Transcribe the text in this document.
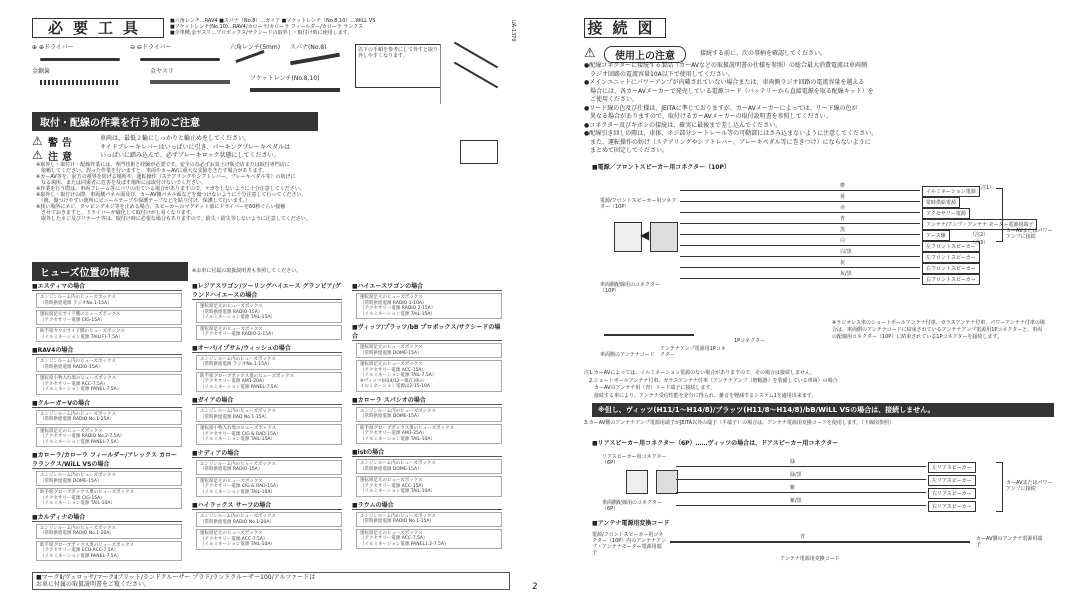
必要工具	■六角レンチ…RAV4 ■スパナ（No.8）…ガイア ■ソケットレンチ（No.8,10）…WiLL VS
■ソケットレンチ(No.10)…RAV4/カローラ/カローラ フィールダー/カローラ ランクス
■全車種,金ヤスリ…プロボックス/サクシードの取外し・取付け時に使用します。	UA-1370
⊕ ⊕ドライバー	⊖ ⊖ドライバー	六角レンチ(5mm) スパナ(No.8)
金鋸歯	金ヤスリ
ソケットレンチ(No.8,10)
以下の手順を参考にして外すと取り外しやすくなります。
取付・配線の作業を行う前のご注意
⚠ 警告
⚠ 注意
車両は、最低２輪にしっかりと輪止めをしてください。
サイドブレーキレバーはいっぱいに引き、パーキングブレーキペダルは
いっぱいに踏み込んで、必ずブレーキロック状態にしてください。
※取外し・取付け・配線作業には、専門技術と経験が必要です。安全の為必ずお買上げ販売店または取付専門店に
　依頼してください。誤った作業を行いますと、車両やカーAVに重大な支障をきたす場合があります。
※カーAV等を、前方の視界を妨げる場所や、運転操作（ステアリングやシフトレバー、ブレーキペダル等）の妨げに
　なる場所、または同乗者に危害を及ぼす場所には取付けないでください。
※作業を行う際は、車両フレーム等にバリの出ている場合がありますので、ケガをしないように十分注意してください。
※取外し・取付けの際、車両側パネル面及び、カーAV側パネル面などを傷つけないように十分注意して行ってください。
　（例、傷つけやすい箇所にビニールテープや保護テープなどを貼り付け、保護して行います。）
※狭い場所にネジ、タッピングネジ等を止める場合、スピーカーのマグネット部にドライバーを60秒ぐらい接触
　させておきますと、ドライバーが磁化して取付けがし易くなります。
　取外したネジ及びリテーナ等は、取付け時に必要な場合もありますので、紛失・紛失等しないように注意してください。
ヒューズ位置の情報	※お車に付属の取扱説明書も参照してください。
■エスティマの場合
エンジンルーム内のヒューズボックス
（常時供給電源 ラジオNo.1-15A）
運転席足元サイド側のヒューズボックス
（アクセサリー電源 CIG-15A）
助手席カウルサイド側のヒューズボックス
（イルミネーション電源 TAIL(F)-7.5A）
■RAV4の場合
エンジンルーム内のヒューズボックス
（常時供給電源 RADIO-15A）
運転席小物入れ奥のヒューズボックス
（アクセサリー電源 ACC-7.5A）
（イルミネーション電源 PANEL-7.5A）
■クルーガーVの場合
エンジンルーム内のヒューズボックス
（常時供給電源 RADIO No.1-25A）
運転席足元のヒューズボックス
（アクセサリー電源 RADIO No.2-7.5A）
（イルミネーション電源 PANEL-7.5A）
■カローラ/カローラ フィールダー/アレックス カローラランクス/WiLL VSの場合
エンジンルーム内のヒューズボックス
（常時供給電源 DOME-15A）
助手席グローブボックス奥のヒューズボックス
（アクセサリー電源 CIG-15A）
（イルミネーション電源 TAIL-10A）
■カルディナの場合
エンジンルーム内のヒューズボックス
（常時供給電源 RADIO No.1-20A）
助手席グローブボックス奥のヒューズボックス
（アクセサリー電源 ECU-ACC-7.5A）
（イルミネーション電源 PANEL-7.5A）
■レジアスワゴン/ツーリングハイエース グランビア/グランドハイエースの場合
運転席足元のヒューズボックス
（常時供給電源 RADIO-15A）
（イルミネーション電源 TAIL-15A）
運転席足元のヒューズボックス
（アクセサリー電源 RADIO-2-15A）
■オーパ/イプサム/ウィッシュの場合
エンジンルーム内のヒューズボックス
（常時供給電源 ラジオNo.1-15A）
助手席グローブボックス奥のヒューズボックス
（アクセサリー電源 AM1-20A）
（イルミネーション電源 PANEL-7.5A）
■ガイアの場合
エンジンルーム内のヒューズボックス
（常時供給電源 RAD No.1-15A）
運転席小物入れ奥のヒューズボックス
（アクセサリー電源 CIG & RAD-15A）
（イルミネーション電源 TAIL-15A）
■ナディアの場合
エンジンルーム内のヒューズボックス
（常時供給電源 RADIO-15A）
運転席足元のヒューズボックス
（アクセサリー電源 CIG & RAD-15A）
（イルミネーション電源 TAIL-10A）
■ハイラックス サーフの場合
エンジンルーム内のヒューズボックス
（常時供給電源 RADIO No.1-20A）
運転席足元のヒューズボックス
（アクセサリー電源 ACC-7.5A）
（イルミネーション電源 TAIL-10A）
■ハイエースワゴンの場合
運転席足元のヒューズボックス
（常時供給電源 RADIO 1-10A）
（アクセサリー電源 RADIO 2-15A）
（イルミネーション電源 TAIL-15A）
■ヴィッツ/プラッツ/bB プロボックス/サクシードの場合
運転席足元のヒューズボックス
（常時供給電源 DOME-15A）
運転席足元のヒューズボックス
（アクセサリー電源 ACC-15A）
（イルミネーション電源 TAIL-7.5A）
※ヴィッツ(H14/12〜現在)車の
イルミネーション電源は2-15-10A
■カローラ スパシオの場合
エンジンルーム内のヒューズボックス
（常時供給電源 DOME-15A）
助手席グローブボックス奥のヒューズボックス
（アクセサリー電源 AM1-25A）
（イルミネーション電源 TAIL-10A）
■istの場合
エンジンルーム内のヒューズボックス
（常時供給電源 DOME-15A）
運転席足元のヒューズボックス
（アクセサリー電源 ACC-15A）
（イルミネーション電源 TAIL-10A）
■ラウムの場合
エンジンルーム内のヒューズボックス
（常時供給電源 RADIO No.1-15A）
運転席足元のヒューズボックス
（アクセサリー電源 ACC-7.5A）
（イルミネーション電源 PANEL1.2-7.5A）
■マークⅡ/ヴェロッサ/マークⅡブリット/ランドクルーザー プラド/ランドクルーザー100/アルファードは
お車に付属の取扱説明書をご覧ください。	2
接続図
⚠	使用上の注意	接続する前に、次の事柄を確認してください。
●配線コネクターに接続する製品（カーAVなどの取扱説明書の仕様を参照）の総合最大消費電流は車両側
　ラジオ回路の電流容量10A以下で使用してください。
●メインユニットにパワーアンプが内蔵されていない場合または、車両側ラジオ回路の電流容量を越える
　場合には、各カーAVメーカーで発売している電源コード（バッテリーから直接電源を取る配線キット）を
　ご使用ください。
●リード線の色及び仕様は、JEITAに準じておりますが、カーAVメーカーによっては、リード線の色が
　異なる場合がありますので、取付けるカーAVメーカーの取付説明書を参照してください。
●コネクター及びギボシの接続は、確実に最後まで差し込んでください。
●配線引き回しの際は、車体、ネジ部分シートレール等の可動部にはさみ込まないように注意してください。
　また、運転操作の妨げ（ステアリングやシフトレバー、ブレーキペダル等に巻きつけ）にならないように
　まとめて固定してください。
■電源／フロントスピーカー用コネクター（10P）
電源/フロントスピーカー用コネクター（10P）
◀
車両側配線用のコネクター（10P）
橙
イルミネーション電源
黄
常時供給電源
赤
アクセサリー電源
青
アンテナ/アンプ・アンテナ モーター電源用端子
黒
アース線
白
左フロントスピーカー
白/黒
左フロントスピーカー
灰
右フロントスピーカー
灰/黒
右フロントスピーカー
（注1）
（注2）
（注3）
カーAVまたはパワーアンプに接続
車両側のアンテナコード
アンテナアンプ電源用1Pコネクター
1Pコネクター
※ラジオレス車のショートポールアンテナ付車、ガラスアンテナ付車、パワーアンテナ付車の場合は、車両側のアンテナコードに結束されているアンテナアンプ電源用1Pコネクターと、車両の配線用コネクター（10P）に結束されている1Pコネクターを接続します。
注1.カーAVによっては、イルミネーション電源のない場合がありますので、その場合は接続しません。
　2.ショートポールアンテナ付車、ガラスアンテナ付車（アンテナアンプ（増幅器）を装備している車両）の場合
　　カーAVのアンテナ用（青）リード端子に接続します。
　　接続する車により、アンテナ受信性能を充分に得られ、雑音を軽減するシステム1を適用出来ます。
※但し、ヴィッツ(H11/1〜H14/8)/プラッツ(H11/8〜H14/8)/bB/WiLL VSの場合は、接続しません。
3.カーAV側のアンテナアンプ電源用端子がJEITA以外の端子（平端子）の場合は、アンテナ電源用変換コードを使用します。（下線図参照）
■リアスピーカー用コネクター（6P）……ヴィッツの場合は、ドアスピーカー用コネクター
リアスピーカー用コネクター（6P）
車両側配線用のコネクター（6P）
緑
左リアスピーカー
緑/黒
左リアスピーカー
紫
右リアスピーカー
紫/黒
右リアスピーカー
カーAVまたはパワーアンプに接続
■アンテナ電源用変換コード
電源/フロントスピーカー用コネクター（10P）内のアンテナアンプ・アンテナモーター電源用端子
青	カーAV側のアンテナ電源用端子
アンテナ電源用変換コード
